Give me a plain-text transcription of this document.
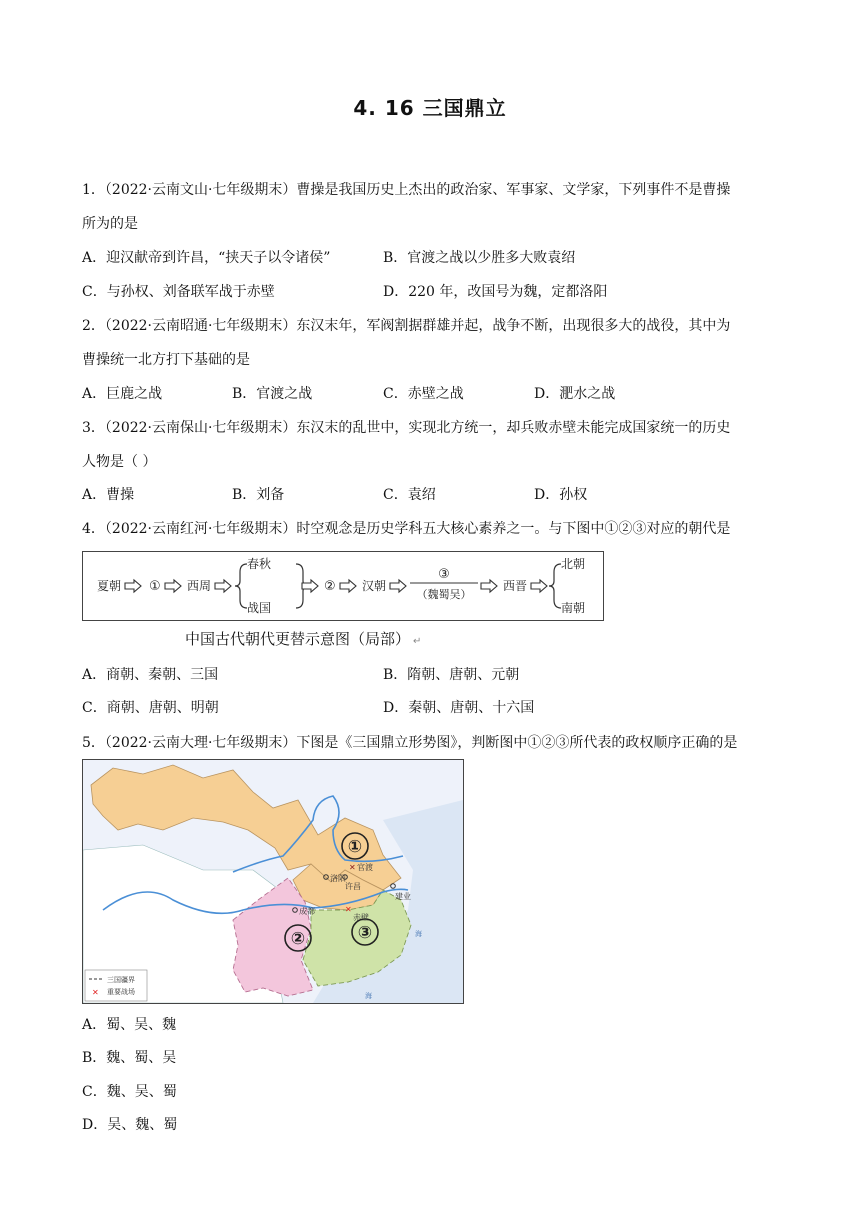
4. 16 三国鼎立
1．（2022·云南文山·七年级期末）曹操是我国历史上杰出的政治家、军事家、文学家，下列事件不是曹操
所为的是
A．迎汉献帝到许昌，“挟天子以令诸侯”	B．官渡之战以少胜多大败袁绍
C．与孙权、刘备联军战于赤壁	D．220 年，改国号为魏，定都洛阳
2．（2022·云南昭通·七年级期末）东汉末年，军阀割据群雄并起，战争不断，出现很多大的战役，其中为
曹操统一北方打下基础的是
A．巨鹿之战	B．官渡之战	C．赤壁之战	D．淝水之战
3．（2022·云南保山·七年级期末）东汉末的乱世中，实现北方统一，却兵败赤壁未能完成国家统一的历史
人物是（ ）
A．曹操	B．刘备	C．袁绍	D．孙权
4．（2022·云南红河·七年级期末）时空观念是历史学科五大核心素养之一。与下图中①②③对应的朝代是
夏朝 ① 西周
春秋
战国
② 汉朝
③
（魏蜀吴）
西晋
北朝
南朝
中国古代朝代更替示意图（局部） ↵
A．商朝、秦朝、三国	B．隋朝、唐朝、元朝
C．商朝、唐朝、明朝	D．秦朝、唐朝、十六国
5．（2022·云南大理·七年级期末）下图是《三国鼎立形势图》，判断图中①②③所代表的政权顺序正确的是
①
②	③
✕ 官渡
洛阳
许昌
建业
成都	✕
赤壁
海
海
三国疆界
✕ 重要战场
A．蜀、吴、魏
B．魏、蜀、吴
C．魏、吴、蜀
D．吴、魏、蜀
